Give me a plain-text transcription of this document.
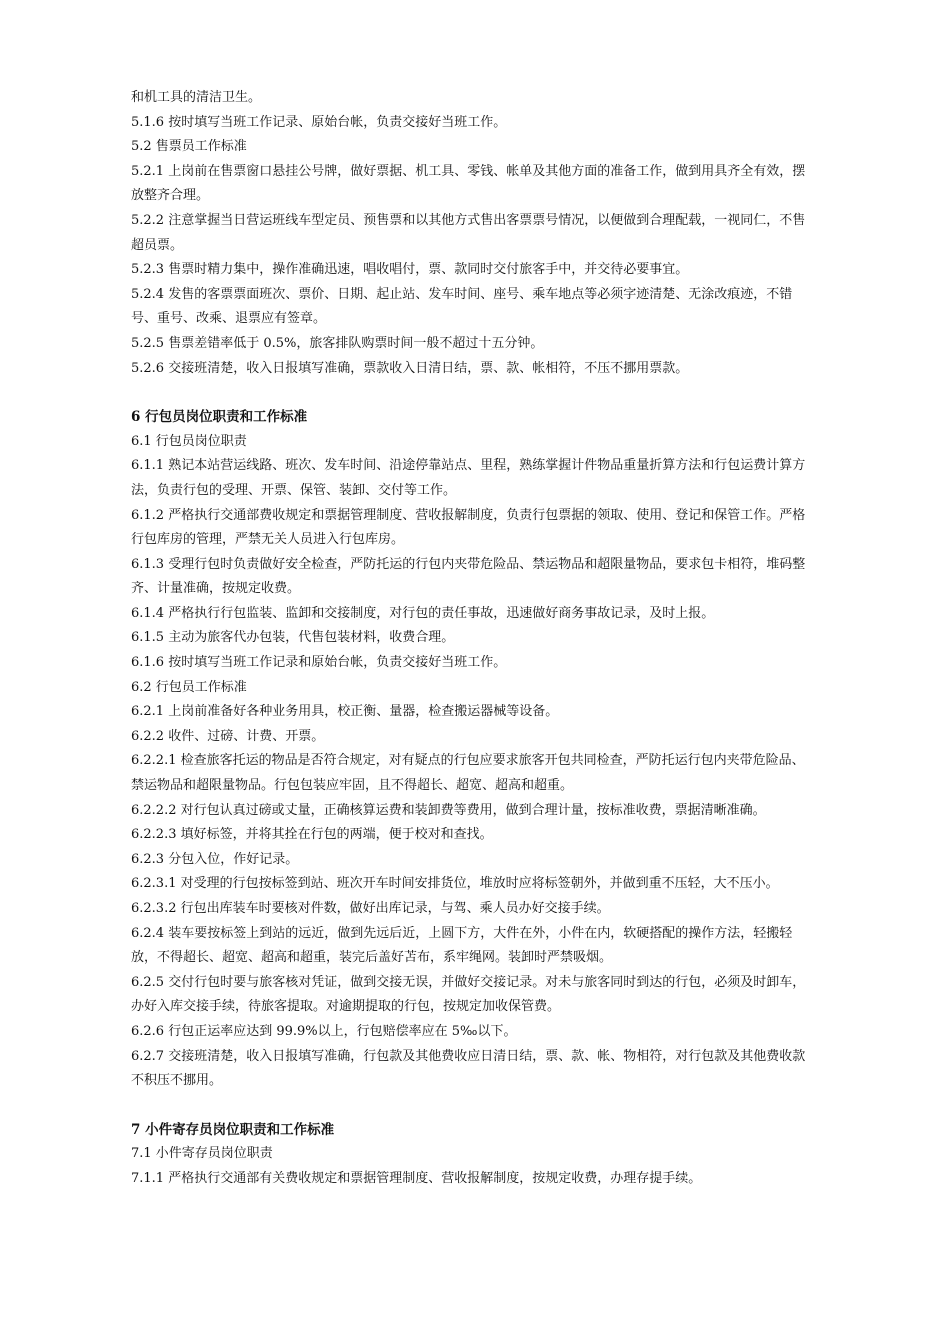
和机工具的清洁卫生。

5.1.6 按时填写当班工作记录、原始台帐，负责交接好当班工作。

5.2 售票员工作标准

5.2.1 上岗前在售票窗口悬挂公号牌，做好票据、机工具、零钱、帐单及其他方面的准备工作，做到用具齐全有效，摆放整齐合理。

5.2.2 注意掌握当日营运班线车型定员、预售票和以其他方式售出客票票号情况，以便做到合理配载，一视同仁，不售超员票。

5.2.3 售票时精力集中，操作准确迅速，唱收唱付，票、款同时交付旅客手中，并交待必要事宜。

5.2.4 发售的客票票面班次、票价、日期、起止站、发车时间、座号、乘车地点等必须字迹清楚、无涂改痕迹，不错号、重号、改乘、退票应有签章。

5.2.5 售票差错率低于 0.5%，旅客排队购票时间一般不超过十五分钟。

5.2.6 交接班清楚，收入日报填写准确，票款收入日清日结，票、款、帐相符，不压不挪用票款。

6 行包员岗位职责和工作标准

6.1 行包员岗位职责

6.1.1 熟记本站营运线路、班次、发车时间、沿途停靠站点、里程，熟练掌握计件物品重量折算方法和行包运费计算方法，负责行包的受理、开票、保管、装卸、交付等工作。

6.1.2 严格执行交通部费收规定和票据管理制度、营收报解制度，负责行包票据的领取、使用、登记和保管工作。严格行包库房的管理，严禁无关人员进入行包库房。

6.1.3 受理行包时负责做好安全检查，严防托运的行包内夹带危险品、禁运物品和超限量物品，要求包卡相符，堆码整齐、计量准确，按规定收费。

6.1.4 严格执行行包监装、监卸和交接制度，对行包的责任事故，迅速做好商务事故记录，及时上报。

6.1.5 主动为旅客代办包装，代售包装材料，收费合理。

6.1.6 按时填写当班工作记录和原始台帐，负责交接好当班工作。

6.2 行包员工作标准

6.2.1 上岗前准备好各种业务用具，校正衡、量器，检查搬运器械等设备。

6.2.2 收件、过磅、计费、开票。

6.2.2.1 检查旅客托运的物品是否符合规定，对有疑点的行包应要求旅客开包共同检查，严防托运行包内夹带危险品、禁运物品和超限量物品。行包包装应牢固，且不得超长、超宽、超高和超重。

6.2.2.2 对行包认真过磅或丈量，正确核算运费和装卸费等费用，做到合理计量，按标准收费，票据清晰准确。

6.2.2.3 填好标签，并将其拴在行包的两端，便于校对和查找。

6.2.3 分包入位，作好记录。

6.2.3.1 对受理的行包按标签到站、班次开车时间安排货位，堆放时应将标签朝外，并做到重不压轻，大不压小。

6.2.3.2 行包出库装车时要核对件数，做好出库记录，与驾、乘人员办好交接手续。

6.2.4 装车要按标签上到站的远近，做到先远后近，上圆下方，大件在外，小件在内，软硬搭配的操作方法，轻搬轻放，不得超长、超宽、超高和超重，装完后盖好苫布，系牢绳网。装卸时严禁吸烟。

6.2.5 交付行包时要与旅客核对凭证，做到交接无误，并做好交接记录。对未与旅客同时到达的行包，必须及时卸车，办好入库交接手续，待旅客提取。对逾期提取的行包，按规定加收保管费。

6.2.6 行包正运率应达到 99.9%以上，行包赔偿率应在 5‰以下。

6.2.7 交接班清楚，收入日报填写准确，行包款及其他费收应日清日结，票、款、帐、物相符，对行包款及其他费收款不积压不挪用。

7 小件寄存员岗位职责和工作标准

7.1 小件寄存员岗位职责

7.1.1 严格执行交通部有关费收规定和票据管理制度、营收报解制度，按规定收费，办理存提手续。
